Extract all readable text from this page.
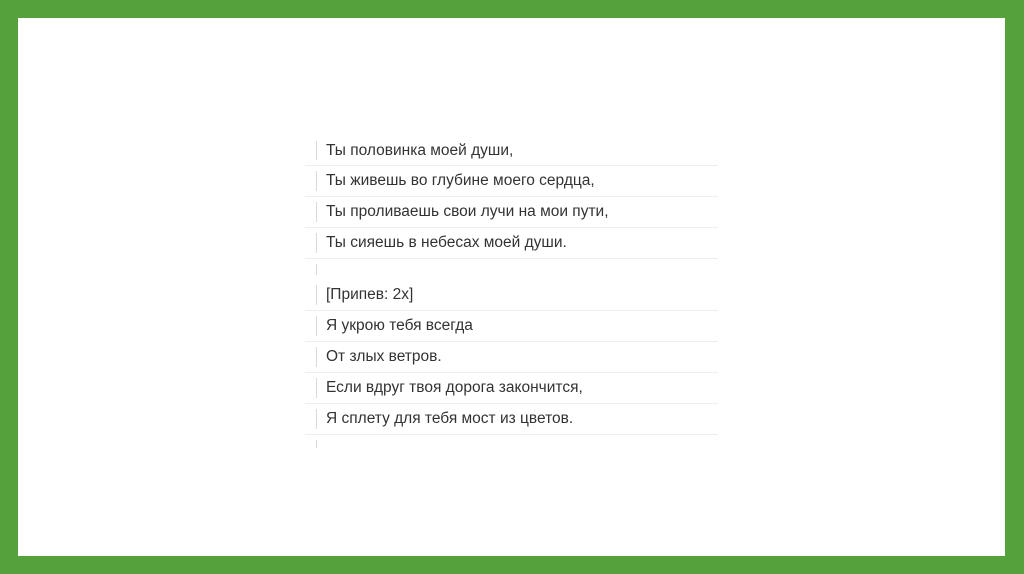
Ты половинка моей души,
Ты живешь во глубине моего сердца,
Ты проливаешь свои лучи на мои пути,
Ты сияешь в небесах моей души.
[Припев: 2x]
Я укрою тебя всегда
От злых ветров.
Если вдруг твоя дорога закончится,
Я сплету для тебя мост из цветов.
